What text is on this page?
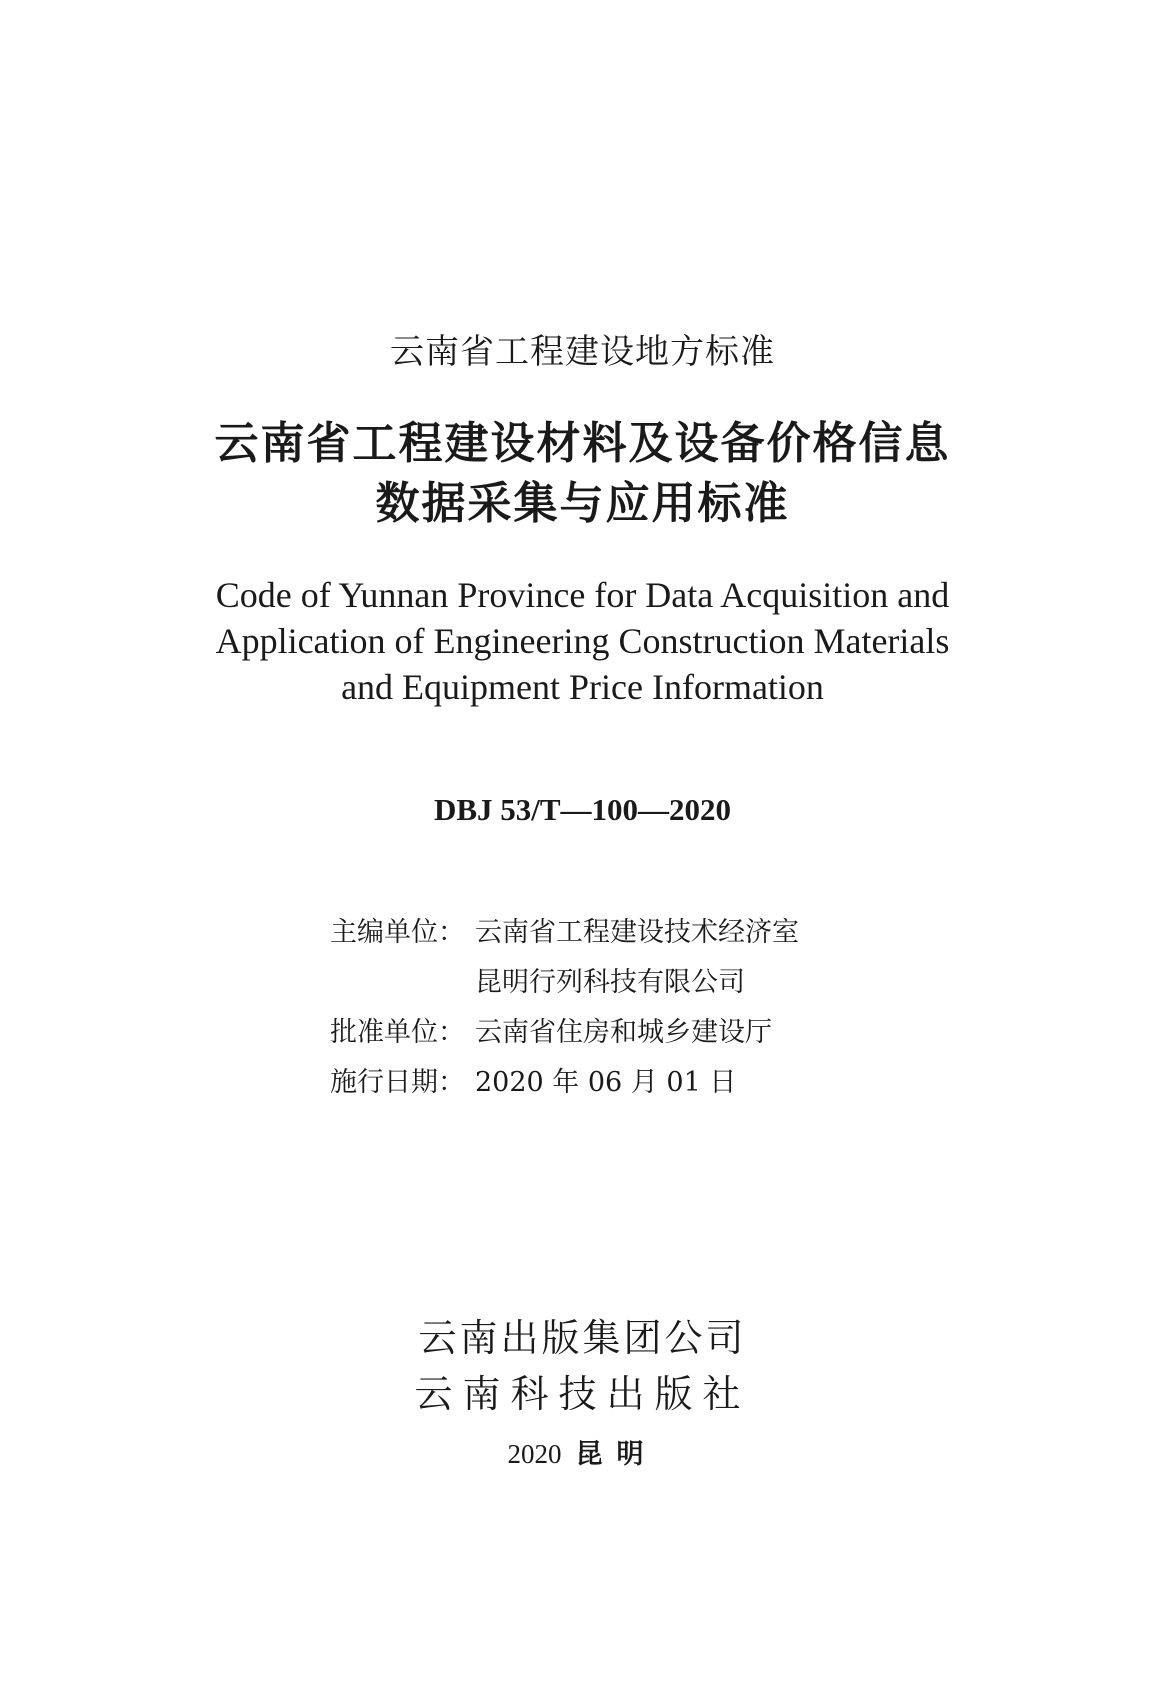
云南省工程建设地方标准
云南省工程建设材料及设备价格信息
数据采集与应用标准
Code of Yunnan Province for Data Acquisition and
Application of Engineering Construction Materials
and Equipment Price Information
DBJ 53/T—100—2020
主编单位： 云南省工程建设技术经济室
昆明行列科技有限公司
批准单位： 云南省住房和城乡建设厅
施行日期： 2020 年 06 月 01 日
云南出版集团公司
云南科技出版社
2020 昆明
